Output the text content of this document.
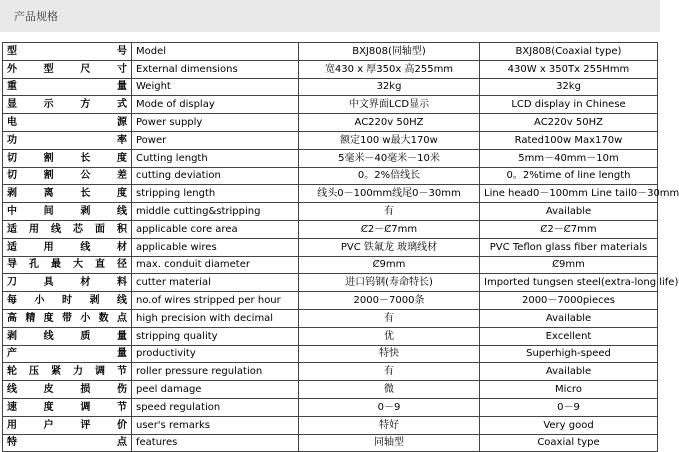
产品规格
型　　号	Model	BXJ808(同轴型)	BXJ808(Coaxial type)
外型尺寸	External dimensions	宽430 x 厚350x 高255mm	430W x 350Tx 255Hmm
重　　量	Weight	32kg	32kg
显示方式	Mode of display	中文界面LCD显示	LCD display in Chinese
电　　源	Power supply	AC220v 50HZ	AC220v 50HZ
功　　率	Power	额定100 w最大170w	Rated100w Max170w
切割长度	Cutting length	5毫米－40毫米－10米	5mm－40mm－10m
切割公差	cutting deviation	0。2%倍线长	0。2%time of line length
剥离长度	stripping length	线头0－100mm线尾0－30mm	Line head0－100mm Line tail0－30mm
中间剥线	middle cutting&stripping	有	Available
适用线芯面积	applicable core area	Ȼ2－Ȼ7mm	Ȼ2－Ȼ7mm
适用线材	applicable wires	PVC 铁氟龙 玻璃线材	PVC Teflon glass fiber materials
导孔最大直径	max. conduit diameter	Ȼ9mm	Ȼ9mm
刀具材料	cutter material	进口钨钢(寿命特长)	Imported tungsen steel(extra-long life)
每小时剥线	no.of wires stripped per hour	2000－7000条	2000－7000pieces
高精度带小数点	high precision with decimal	有	Available
剥线质量	stripping quality	优	Excellent
产　　量	productivity	特快	Superhigh-speed
轮压紧力调节	roller pressure regulation	有	Available
线皮损伤	peel damage	微	Micro
速度调节	speed regulation	0－9	0－9
用户评价	user's remarks	特好	Very good
特　　点	features	同轴型	Coaxial type
